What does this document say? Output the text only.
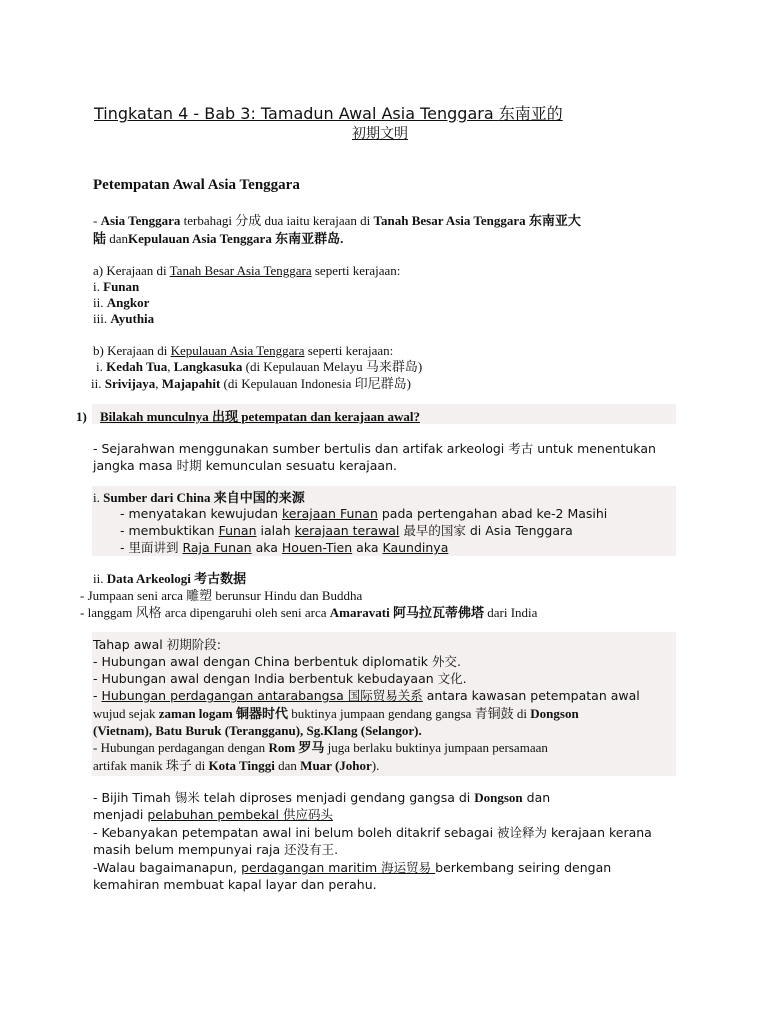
Tingkatan 4 - Bab 3: Tamadun Awal Asia Tenggara 东南亚的
初期文明
Petempatan Awal Asia Tenggara
- Asia Tenggara terbahagi 分成 dua iaitu kerajaan di Tanah Besar Asia Tenggara 东南亚大
陆 danKepulauan Asia Tenggara 东南亚群岛.
a) Kerajaan di Tanah Besar Asia Tenggara seperti kerajaan:
i. Funan
ii. Angkor
iii. Ayuthia
b) Kerajaan di Kepulauan Asia Tenggara seperti kerajaan:
i. Kedah Tua, Langkasuka (di Kepulauan Melayu 马来群岛)
ii. Srivijaya, Majapahit (di Kepulauan Indonesia 印尼群岛)
1) Bilakah munculnya 出现 petempatan dan kerajaan awal?
- Sejarahwan menggunakan sumber bertulis dan artifak arkeologi 考古 untuk menentukan
jangka masa 时期 kemunculan sesuatu kerajaan.
i. Sumber dari China 来自中国的来源
- menyatakan kewujudan kerajaan Funan pada pertengahan abad ke-2 Masihi
- membuktikan Funan ialah kerajaan terawal 最早的国家 di Asia Tenggara
- 里面讲到 Raja Funan aka Houen-Tien aka Kaundinya
ii. Data Arkeologi 考古数据
- Jumpaan seni arca 雕塑 berunsur Hindu dan Buddha
- langgam 风格 arca dipengaruhi oleh seni arca Amaravati 阿马拉瓦蒂佛塔 dari India
Tahap awal 初期阶段:
- Hubungan awal dengan China berbentuk diplomatik 外交.
- Hubungan awal dengan India berbentuk kebudayaan 文化.
- Hubungan perdagangan antarabangsa 国际贸易关系 antara kawasan petempatan awal
wujud sejak zaman logam 铜器时代 buktinya jumpaan gendang gangsa 青铜鼓 di Dongson
(Vietnam), Batu Buruk (Terangganu), Sg.Klang (Selangor).
- Hubungan perdagangan dengan Rom 罗马 juga berlaku buktinya jumpaan persamaan
artifak manik 珠子 di Kota Tinggi dan Muar (Johor).
- Bijih Timah 锡米 telah diproses menjadi gendang gangsa di Dongson dan
menjadi pelabuhan pembekal 供应码头
- Kebanyakan petempatan awal ini belum boleh ditakrif sebagai 被诠释为 kerajaan kerana
masih belum mempunyai raja 还没有王.
-Walau bagaimanapun, perdagangan maritim 海运贸易 berkembang seiring dengan
kemahiran membuat kapal layar dan perahu.
